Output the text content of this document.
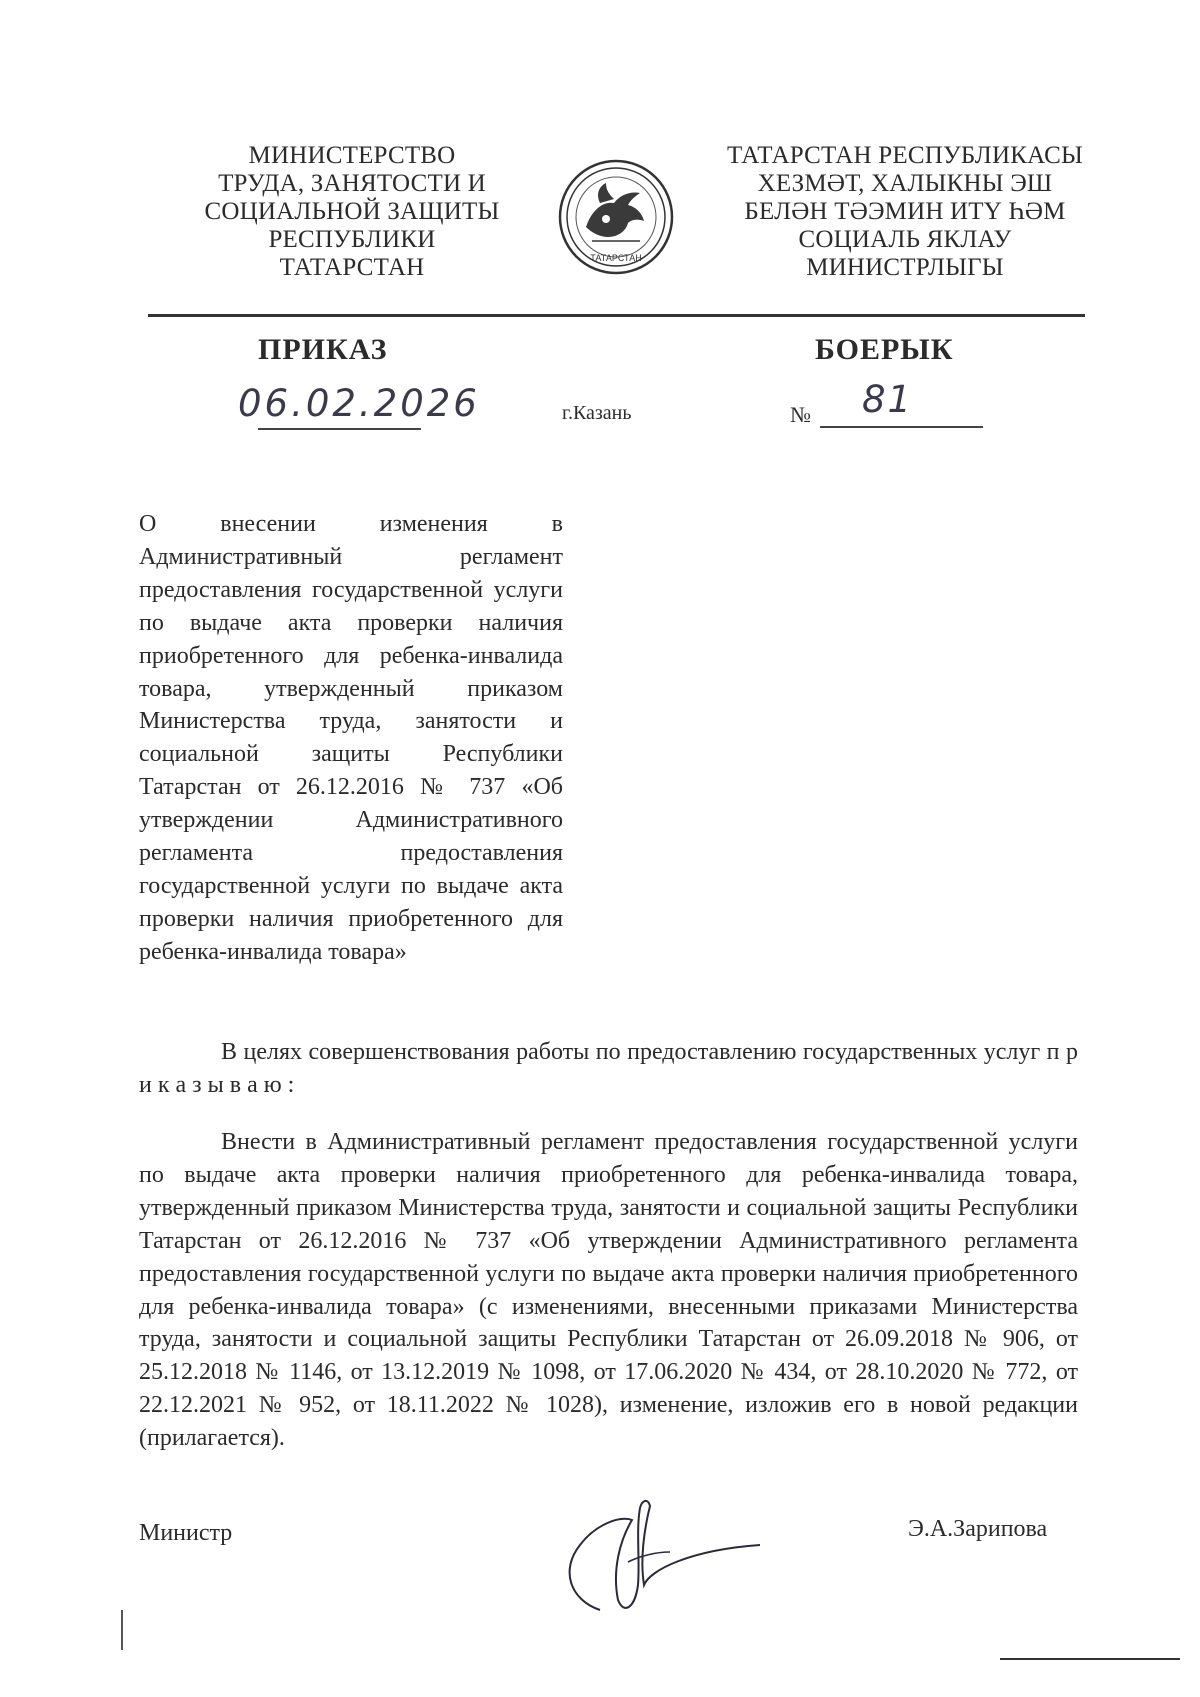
МИНИСТЕРСТВО
ТРУДА, ЗАНЯТОСТИ И
СОЦИАЛЬНОЙ ЗАЩИТЫ
РЕСПУБЛИКИ
ТАТАРСТАН	ТАТАРСТАН
ТАТАРСТАН РЕСПУБЛИКАСЫ
ХЕЗМӘТ, ХАЛЫКНЫ ЭШ
БЕЛӘН ТӘЭМИН ИТҮ ҺӘМ
СОЦИАЛЬ ЯКЛАУ
МИНИСТРЛЫГЫ
ПРИКАЗ	БОЕРЫК
06.02.2026	г.Казань	№ 81
О внесении изменения в Административный регламент предоставления государственной услуги по выдаче акта проверки наличия приобретенного для ребенка-инвалида товара, утвержденный приказом Министерства труда, занятости и социальной защиты Республики Татарстан от 26.12.2016 № 737 «Об утверждении Административного регламента предоставления государственной услуги по выдаче акта проверки наличия приобретенного для ребенка-инвалида товара»
В целях совершенствования работы по предоставлению государственных услуг п р и к а з ы в а ю :
Внести в Административный регламент предоставления государственной услуги по выдаче акта проверки наличия приобретенного для ребенка-инвалида товара, утвержденный приказом Министерства труда, занятости и социальной защиты Республики Татарстан от 26.12.2016 № 737 «Об утверждении Административного регламента предоставления государственной услуги по выдаче акта проверки наличия приобретенного для ребенка-инвалида товара» (с изменениями, внесенными приказами Министерства труда, занятости и социальной защиты Республики Татарстан от 26.09.2018 № 906, от 25.12.2018 № 1146, от 13.12.2019 № 1098, от 17.06.2020 № 434, от 28.10.2020 № 772, от 22.12.2021 № 952, от 18.11.2022 № 1028), изменение, изложив его в новой редакции (прилагается).
Министр	Э.А.Зарипова
